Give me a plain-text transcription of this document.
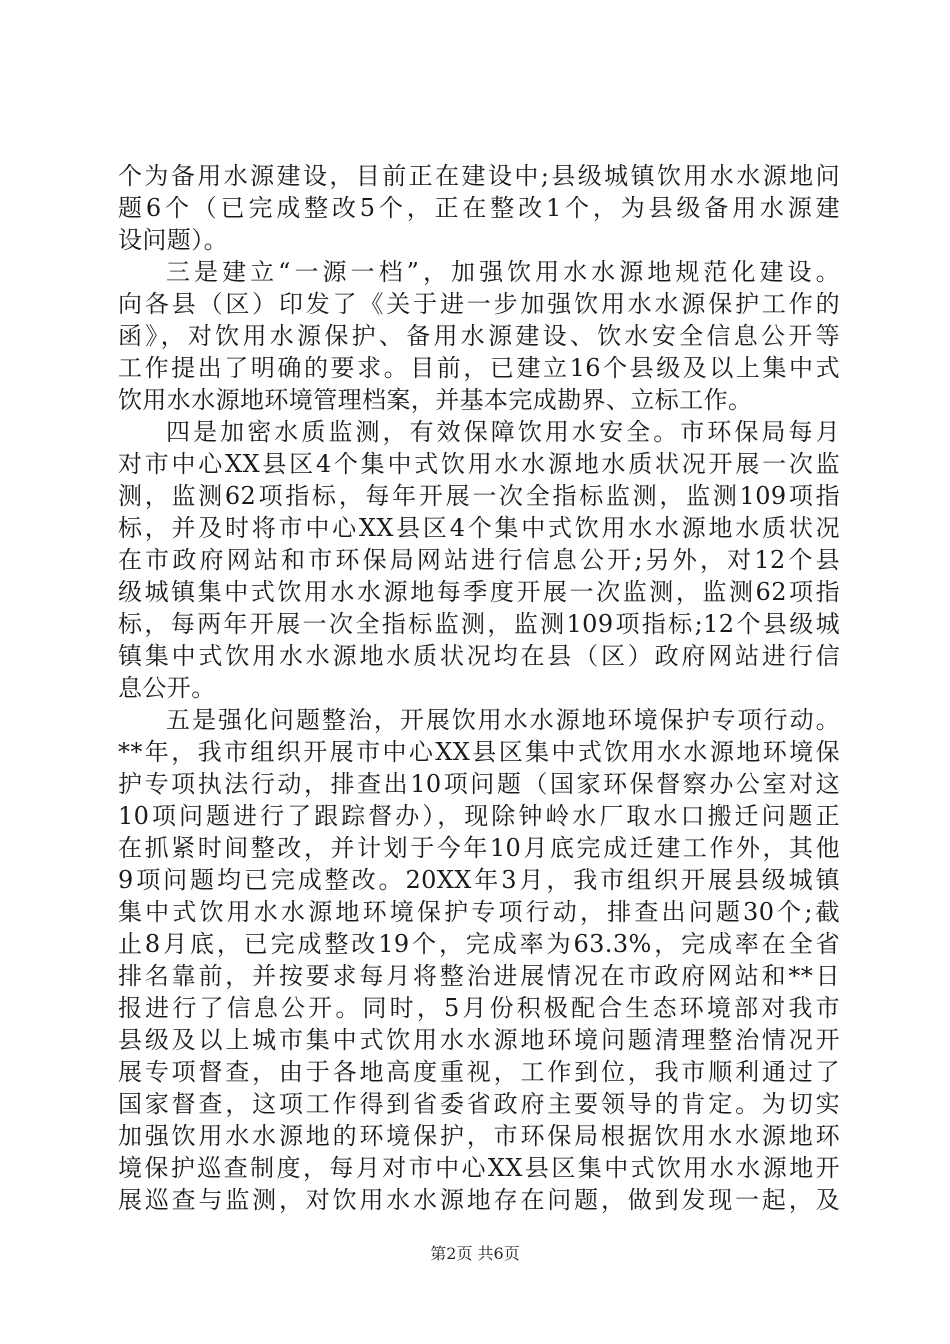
个为备用水源建设，目前正在建设中;县级城镇饮用水水源地问
题6个（已完成整改5个，正在整改1个，为县级备用水源建
设问题）。
三是建立“一源一档”，加强饮用水水源地规范化建设。
向各县（区）印发了《关于进一步加强饮用水水源保护工作的
函》，对饮用水源保护、备用水源建设、饮水安全信息公开等
工作提出了明确的要求。目前，已建立16个县级及以上集中式
饮用水水源地环境管理档案，并基本完成勘界、立标工作。
四是加密水质监测，有效保障饮用水安全。市环保局每月
对市中心XX县区4个集中式饮用水水源地水质状况开展一次监
测，监测62项指标，每年开展一次全指标监测，监测109项指
标，并及时将市中心XX县区4个集中式饮用水水源地水质状况
在市政府网站和市环保局网站进行信息公开;另外，对12个县
级城镇集中式饮用水水源地每季度开展一次监测，监测62项指
标，每两年开展一次全指标监测，监测109项指标;12个县级城
镇集中式饮用水水源地水质状况均在县（区）政府网站进行信
息公开。
五是强化问题整治，开展饮用水水源地环境保护专项行动。
**年，我市组织开展市中心XX县区集中式饮用水水源地环境保
护专项执法行动，排查出10项问题（国家环保督察办公室对这
10项问题进行了跟踪督办），现除钟岭水厂取水口搬迁问题正
在抓紧时间整改，并计划于今年10月底完成迁建工作外，其他
9项问题均已完成整改。20XX年3月，我市组织开展县级城镇
集中式饮用水水源地环境保护专项行动，排查出问题30个;截
止8月底，已完成整改19个，完成率为63.3%，完成率在全省
排名靠前，并按要求每月将整治进展情况在市政府网站和**日
报进行了信息公开。同时，5月份积极配合生态环境部对我市
县级及以上城市集中式饮用水水源地环境问题清理整治情况开
展专项督查，由于各地高度重视，工作到位，我市顺利通过了
国家督查，这项工作得到省委省政府主要领导的肯定。为切实
加强饮用水水源地的环境保护，市环保局根据饮用水水源地环
境保护巡查制度，每月对市中心XX县区集中式饮用水水源地开
展巡查与监测，对饮用水水源地存在问题，做到发现一起，及
第2页 共6页
